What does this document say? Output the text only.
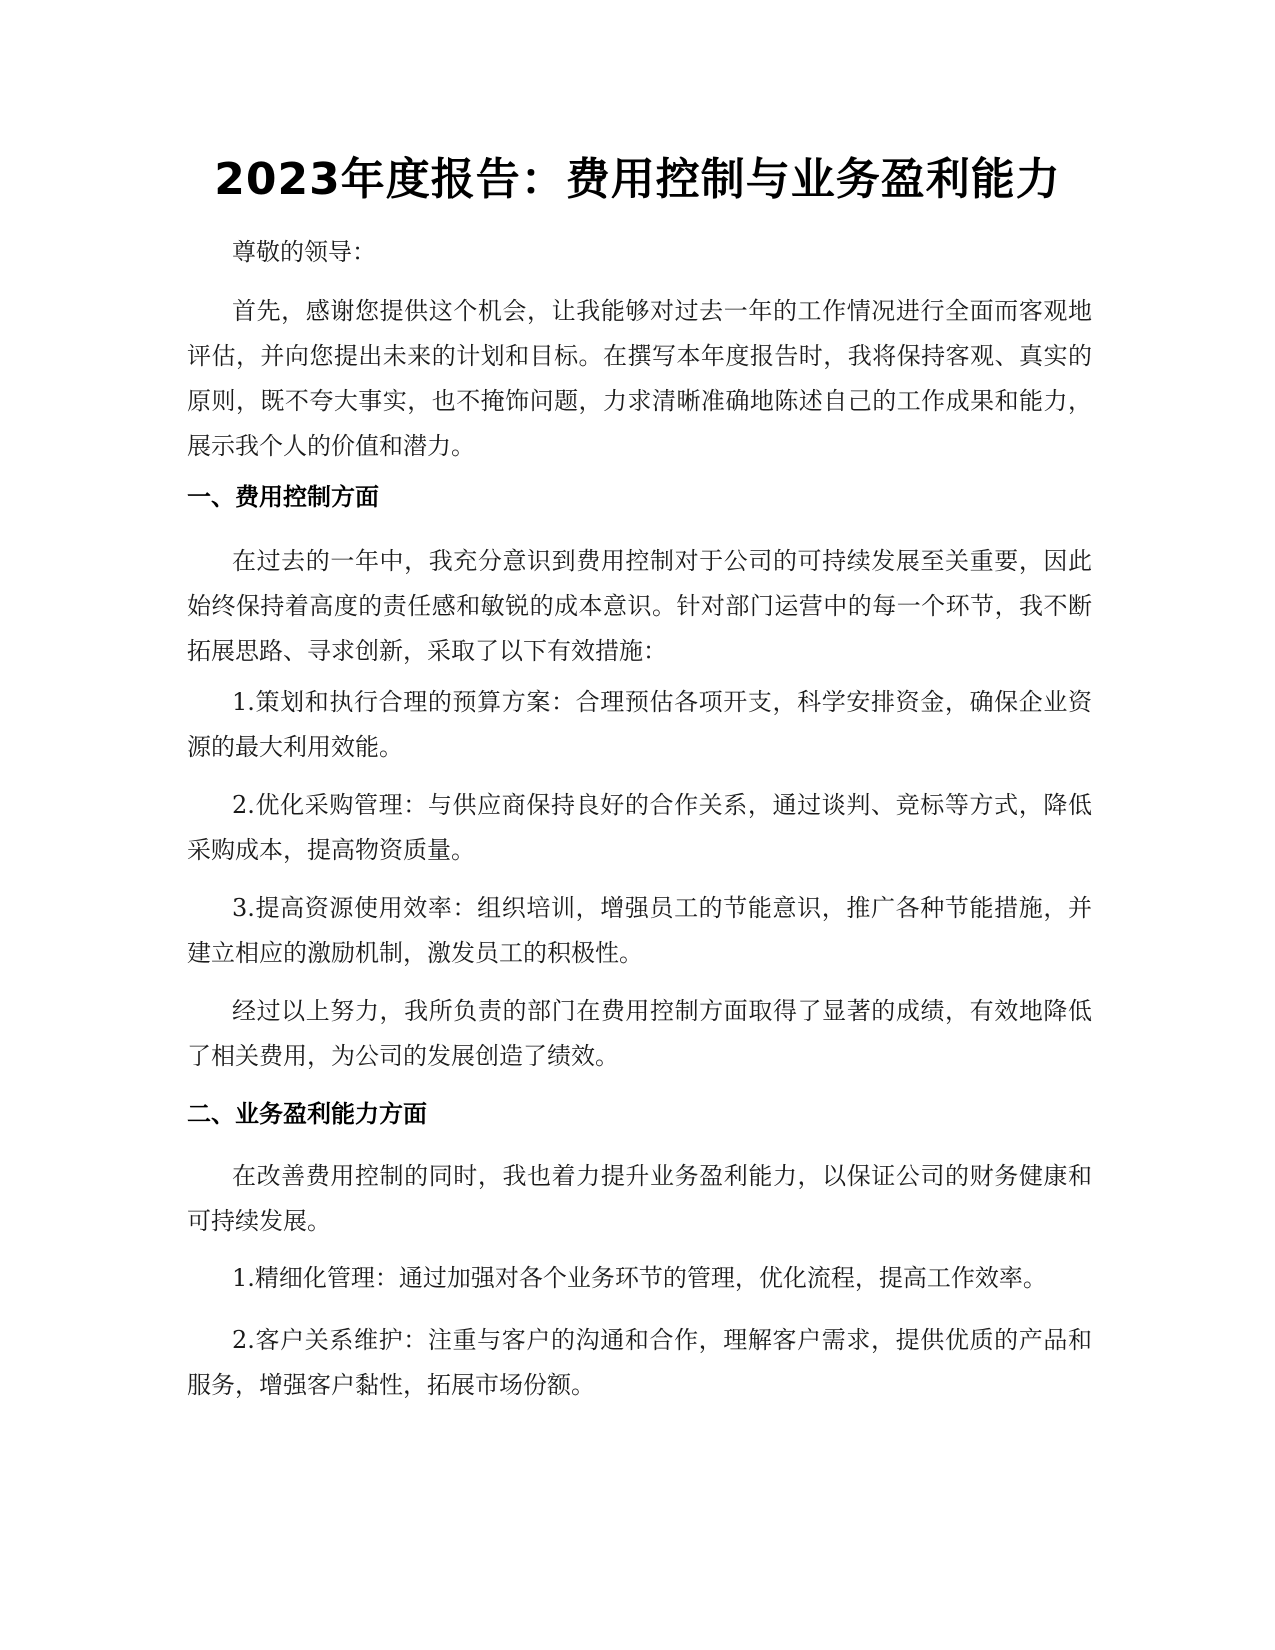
2023年度报告：费用控制与业务盈利能力

尊敬的领导：

首先，感谢您提供这个机会，让我能够对过去一年的工作情况进行全面而客观地评估，并向您提出未来的计划和目标。在撰写本年度报告时，我将保持客观、真实的原则，既不夸大事实，也不掩饰问题，力求清晰准确地陈述自己的工作成果和能力，展示我个人的价值和潜力。

一、费用控制方面

在过去的一年中，我充分意识到费用控制对于公司的可持续发展至关重要，因此始终保持着高度的责任感和敏锐的成本意识。针对部门运营中的每一个环节，我不断拓展思路、寻求创新，采取了以下有效措施：

1.策划和执行合理的预算方案：合理预估各项开支，科学安排资金，确保企业资源的最大利用效能。

2.优化采购管理：与供应商保持良好的合作关系，通过谈判、竞标等方式，降低采购成本，提高物资质量。

3.提高资源使用效率：组织培训，增强员工的节能意识，推广各种节能措施，并建立相应的激励机制，激发员工的积极性。

经过以上努力，我所负责的部门在费用控制方面取得了显著的成绩，有效地降低了相关费用，为公司的发展创造了绩效。

二、业务盈利能力方面

在改善费用控制的同时，我也着力提升业务盈利能力，以保证公司的财务健康和可持续发展。

1.精细化管理：通过加强对各个业务环节的管理，优化流程，提高工作效率。

2.客户关系维护：注重与客户的沟通和合作，理解客户需求，提供优质的产品和服务，增强客户黏性，拓展市场份额。
